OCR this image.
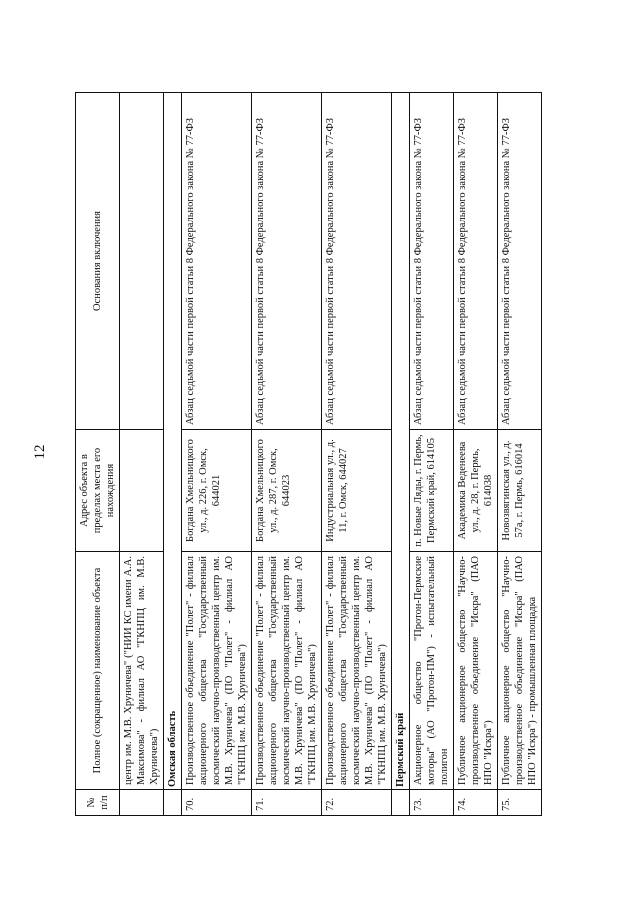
12
№
п/п	Полное (сокращенное) наименование объекта	Адрес объекта в пределах места его нахождения	Основания включения
	центр им. М.В. Хруничева" ("НИИ КС имени А.А. Максимова" - филиал АО "ГКНПЦ им. М.В. Хруничева")		
	Омская область		
70.	Производственное объединение "Полет" - филиал акционерного общества "Государственный космический научно-производственный центр им. М.В. Хруничева" (ПО "Полет" - филиал АО "ГКНПЦ им. М.В. Хруничева")	Богдана Хмельницкого ул., д. 226, г. Омск, 644021	Абзац седьмой части первой статьи 8 Федерального закона № 77-ФЗ
71.	Производственное объединение "Полет" - филиал акционерного общества "Государственный космический научно-производственный центр им. М.В. Хруничева" (ПО "Полет" - филиал АО "ГКНПЦ им. М.В. Хруничева")	Богдана Хмельницкого ул., д. 287, г. Омск, 644023	Абзац седьмой части первой статьи 8 Федерального закона № 77-ФЗ
72.	Производственное объединение "Полет" - филиал акционерного общества "Государственный космический научно-производственный центр им. М.В. Хруничева" (ПО "Полет" - филиал АО "ГКНПЦ им. М.В. Хруничева")	Индустриальная ул., д. 11, г. Омск, 644027	Абзац седьмой части первой статьи 8 Федерального закона № 77-ФЗ
	Пермский край		
73.	Акционерное общество "Протон-Пермские моторы" (АО "Протон-ПМ") - испытательный полигон	п. Новые Ляды, г. Пермь, Пермский край, 614105	Абзац седьмой части первой статьи 8 Федерального закона № 77-ФЗ
74.	Публичное акционерное общество "Научно-производственное объединение "Искра" (ПАО НПО "Искра")	Академика Веденеева ул., д. 28, г. Пермь, 614038	Абзац седьмой части первой статьи 8 Федерального закона № 77-ФЗ
75.	Публичное акционерное общество "Научно-производственное объединение "Искра" (ПАО НПО "Искра") - промышленная площадка	Новозвягинская ул., д. 57а, г. Пермь, 616014	Абзац седьмой части первой статьи 8 Федерального закона № 77-ФЗ
